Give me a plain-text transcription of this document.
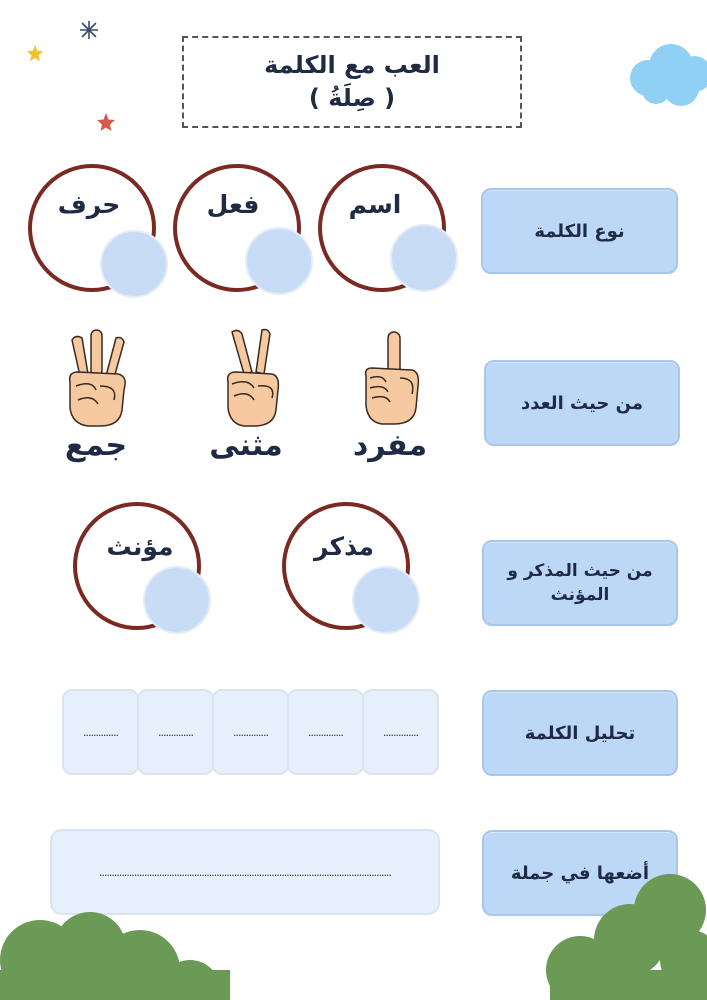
العب مع الكلمة
( صِلَةُ )
نوع الكلمة
اسم
فعل
حرف
من حيث العدد
مفرد
مثنى
جمع
من حيث المذكر و المؤنث
مذكر
مؤنث
تحليل الكلمة
..............
..............
..............
..............
..............
أضعها في جملة
.....................................................................................................................
